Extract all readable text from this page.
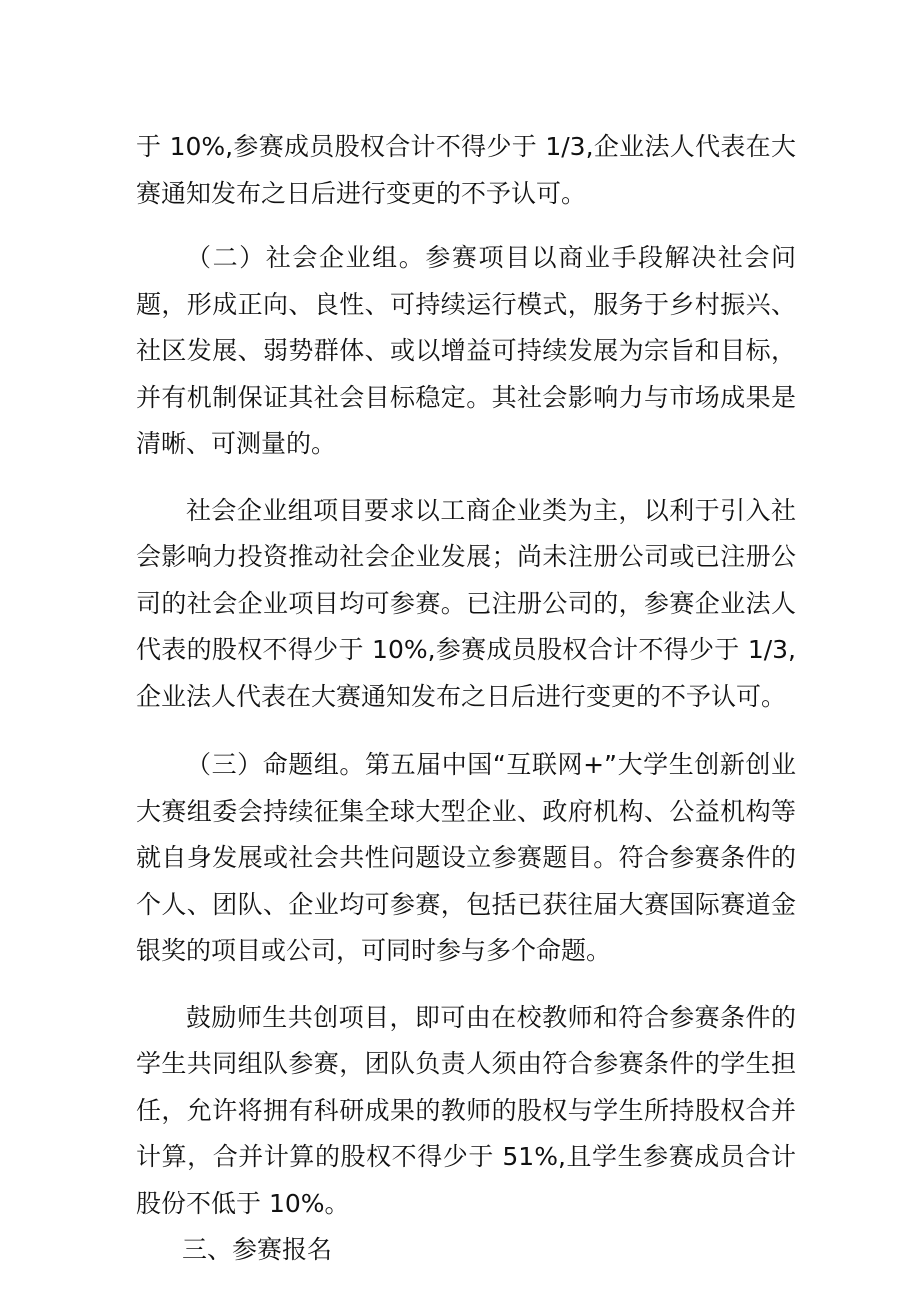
于 10%,参赛成员股权合计不得少于 1/3,企业法人代表在大赛通知发布之日后进行变更的不予认可。

（二）社会企业组。参赛项目以商业手段解决社会问题，形成正向、良性、可持续运行模式，服务于乡村振兴、社区发展、弱势群体、或以增益可持续发展为宗旨和目标，并有机制保证其社会目标稳定。其社会影响力与市场成果是清晰、可测量的。

社会企业组项目要求以工商企业类为主，以利于引入社会影响力投资推动社会企业发展；尚未注册公司或已注册公司的社会企业项目均可参赛。已注册公司的，参赛企业法人代表的股权不得少于 10%,参赛成员股权合计不得少于 1/3,企业法人代表在大赛通知发布之日后进行变更的不予认可。

（三）命题组。第五届中国“互联网+”大学生创新创业大赛组委会持续征集全球大型企业、政府机构、公益机构等就自身发展或社会共性问题设立参赛题目。符合参赛条件的个人、团队、企业均可参赛，包括已获往届大赛国际赛道金银奖的项目或公司，可同时参与多个命题。

鼓励师生共创项目，即可由在校教师和符合参赛条件的学生共同组队参赛，团队负责人须由符合参赛条件的学生担任，允许将拥有科研成果的教师的股权与学生所持股权合并计算，合并计算的股权不得少于 51%,且学生参赛成员合计股份不低于 10%。

三、参赛报名
